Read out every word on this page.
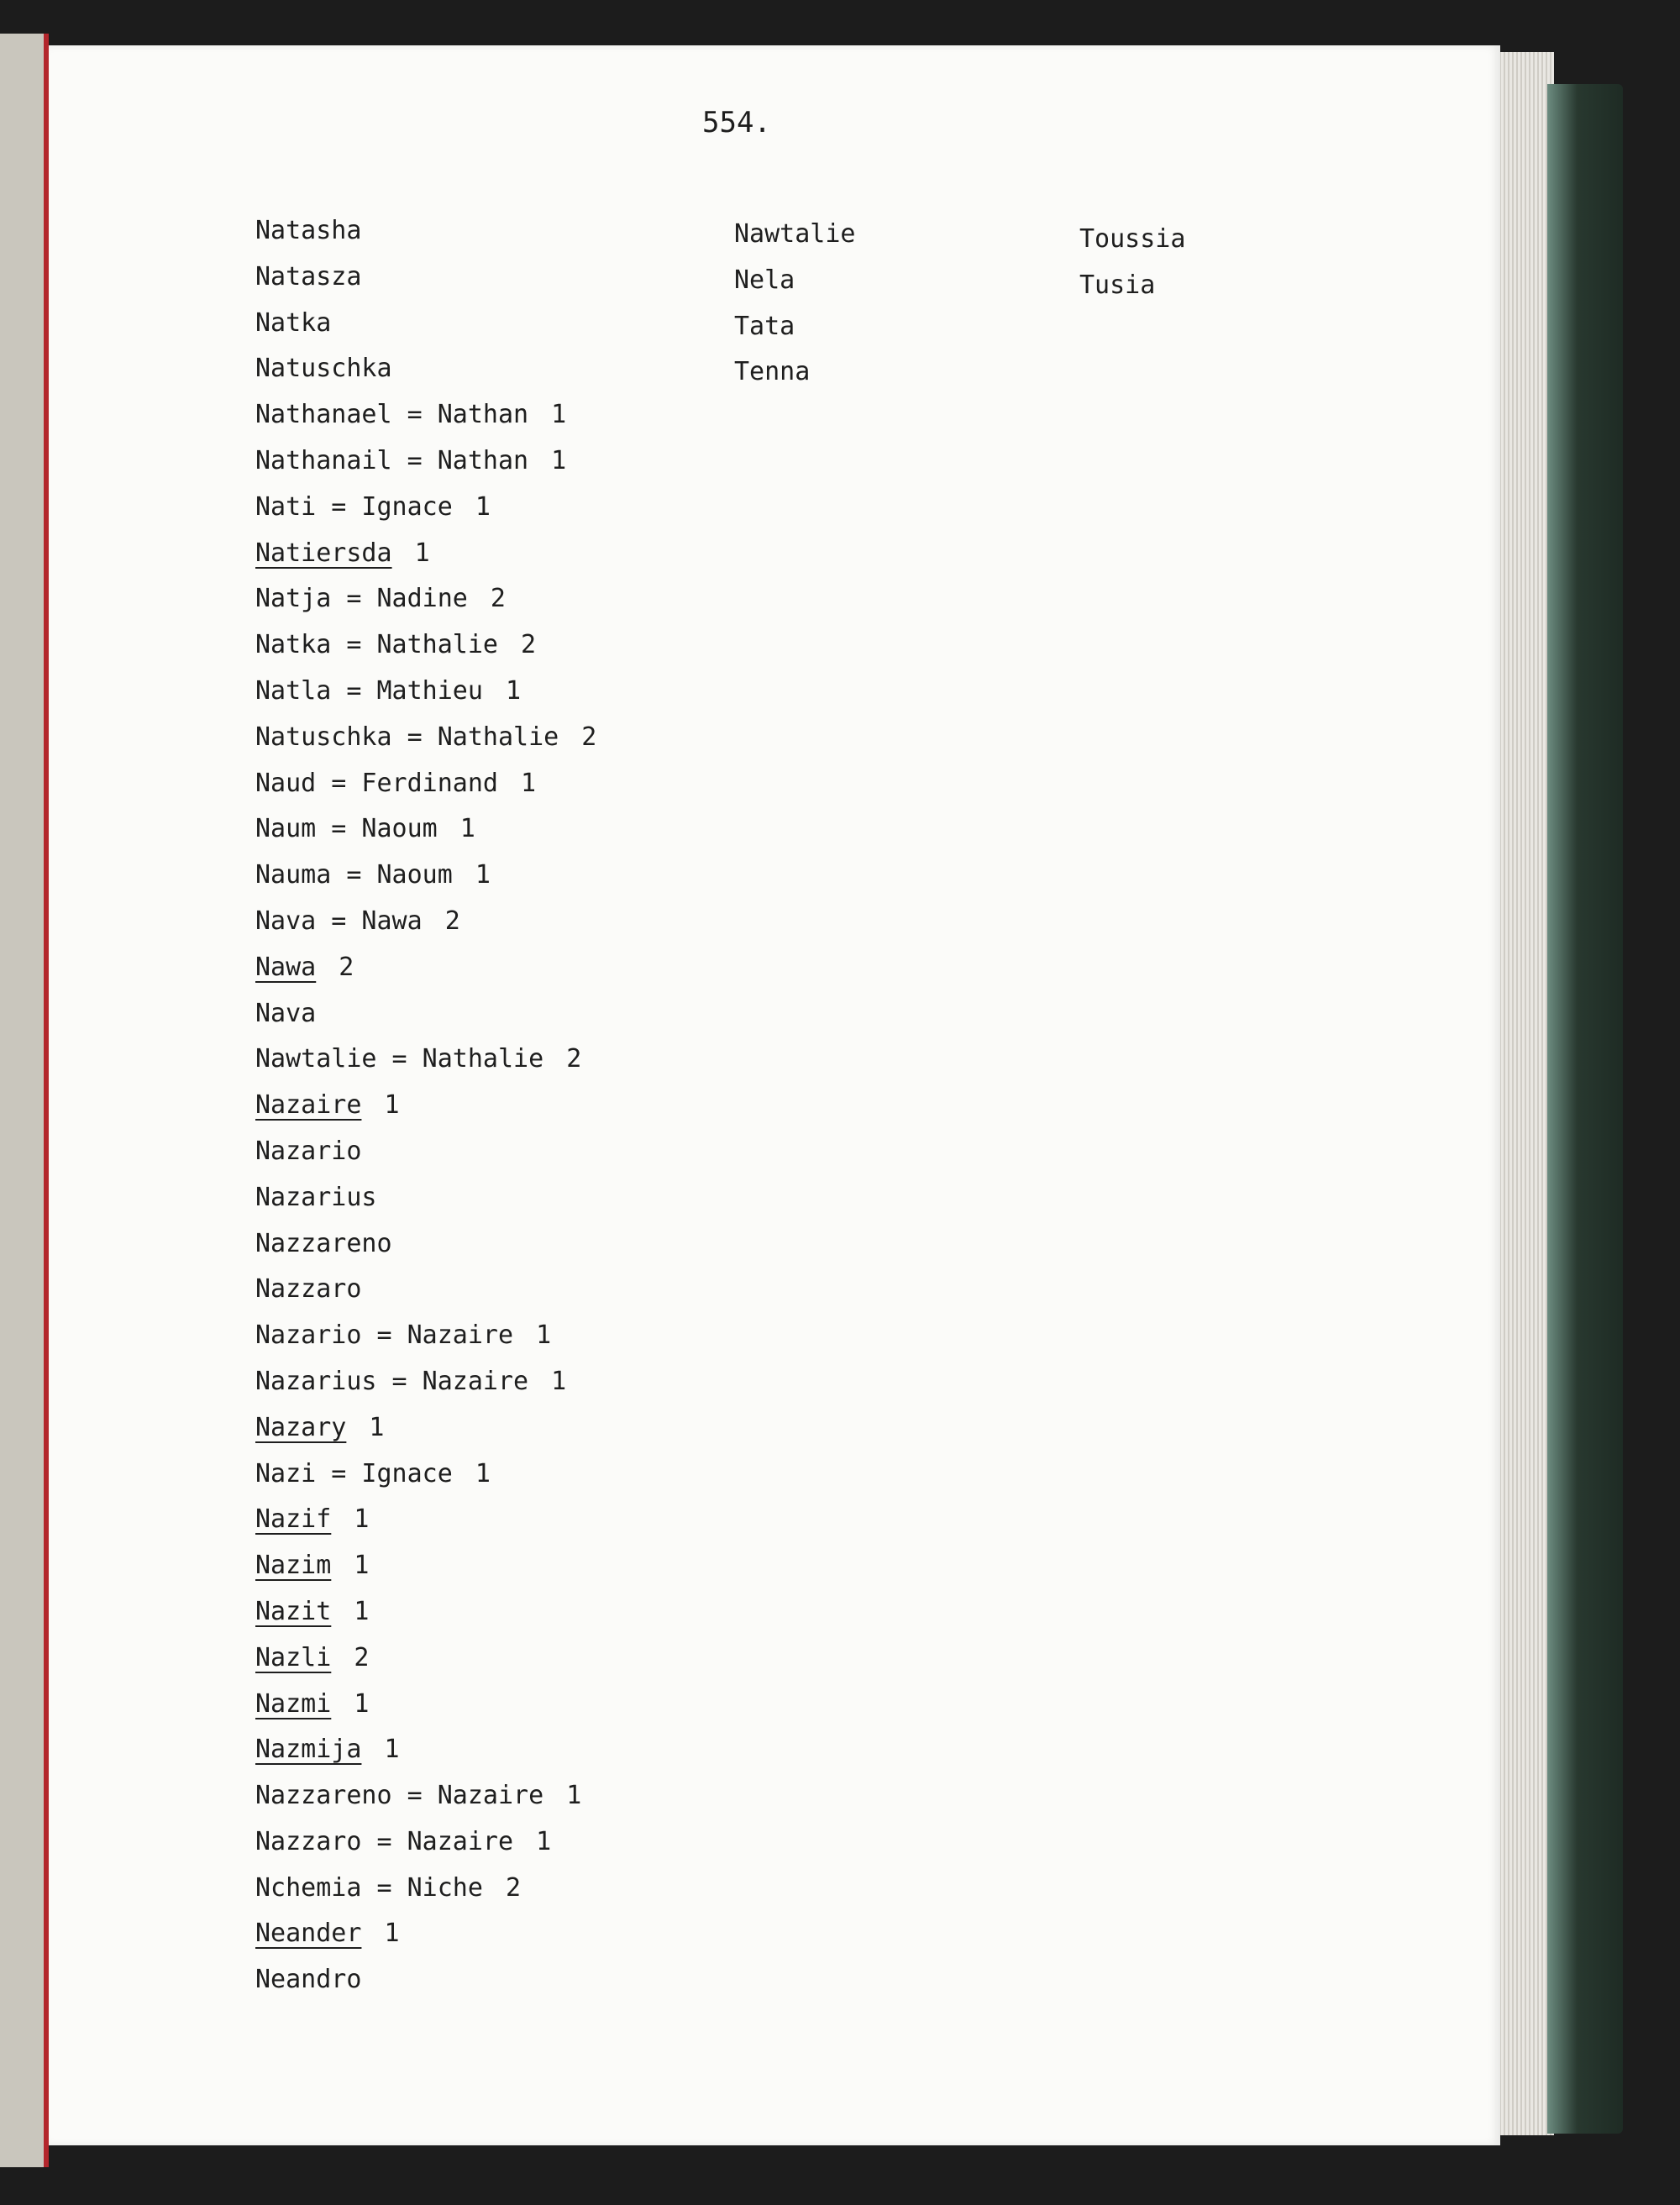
554.
Natasha
Natasza
Natka
Natuschka
Nathanael = Nathan 1
Nathanail = Nathan 1
Nati = Ignace 1
Natiersda 1
Natja = Nadine 2
Natka = Nathalie 2
Natla = Mathieu 1
Natuschka = Nathalie 2
Naud = Ferdinand 1
Naum = Naoum 1
Nauma = Naoum 1
Nava = Nawa 2
Nawa 2
Nava
Nawtalie = Nathalie 2
Nazaire 1
Nazario
Nazarius
Nazzareno
Nazzaro
Nazario = Nazaire 1
Nazarius = Nazaire 1
Nazary 1
Nazi = Ignace 1
Nazif 1
Nazim 1
Nazit 1
Nazli 2
Nazmi 1
Nazmija 1
Nazzareno = Nazaire 1
Nazzaro = Nazaire 1
Nchemia = Niche 2
Neander 1
Neandro
Nawtalie
Nela
Tata
Tenna
Toussia
Tusia
